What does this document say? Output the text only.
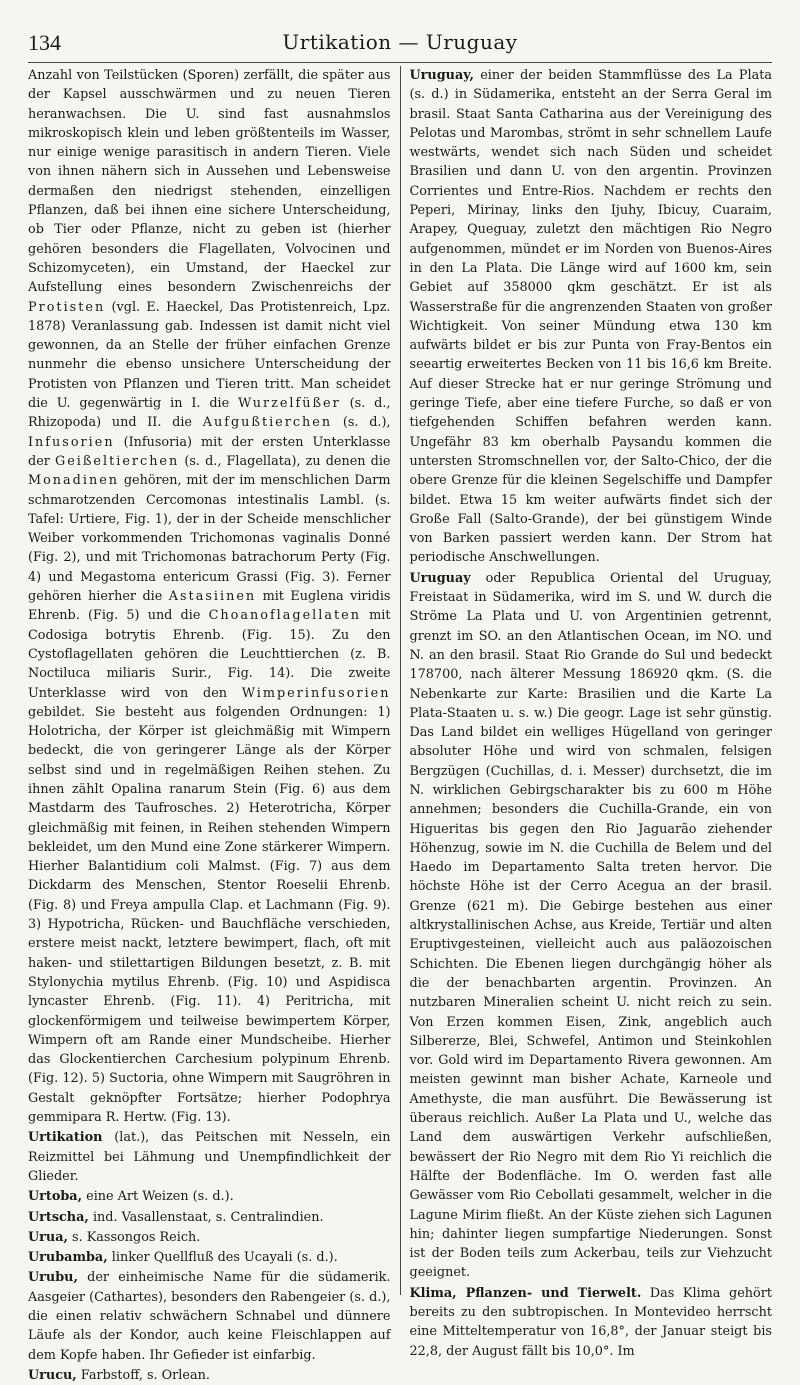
134	Urtikation — Uruguay

Anzahl von Teilstücken (Sporen) zerfällt, die später aus der Kapsel ausschwärmen und zu neuen Tieren heranwachsen. Die U. sind fast ausnahmslos mikroskopisch klein und leben größtenteils im Wasser, nur einige wenige parasitisch in andern Tieren. Viele von ihnen nähern sich in Aussehen und Lebensweise dermaßen den niedrigst stehenden, einzelligen Pflanzen, daß bei ihnen eine sichere Unterscheidung, ob Tier oder Pflanze, nicht zu geben ist (hierher gehören besonders die Flagellaten, Volvocinen und Schizomyceten), ein Umstand, der Haeckel zur Aufstellung eines besondern Zwischenreichs der Protisten (vgl. E. Haeckel, Das Protistenreich, Lpz. 1878) Veranlassung gab. Indessen ist damit nicht viel gewonnen, da an Stelle der früher einfachen Grenze nunmehr die ebenso unsichere Unterscheidung der Protisten von Pflanzen und Tieren tritt. Man scheidet die U. gegenwärtig in I. die Wurzelfüßer (s. d., Rhizopoda) und II. die Aufgußtierchen (s. d.), Infusorien (Infusoria) mit der ersten Unterklasse der Geißeltierchen (s. d., Flagellata), zu denen die Monadinen gehören, mit der im menschlichen Darm schmarotzenden Cercomonas intestinalis Lambl. (s. Tafel: Urtiere, Fig. 1), der in der Scheide menschlicher Weiber vorkommenden Trichomonas vaginalis Donné (Fig. 2), und mit Trichomonas batrachorum Perty (Fig. 4) und Megastoma entericum Grassi (Fig. 3). Ferner gehören hierher die Astasiinen mit Euglena viridis Ehrenb. (Fig. 5) und die Choanoflagellaten mit Codosiga botrytis Ehrenb. (Fig. 15). Zu den Cystoflagellaten gehören die Leuchttierchen (z. B. Noctiluca miliaris Surir., Fig. 14). Die zweite Unterklasse wird von den Wimperinfusorien gebildet. Sie besteht aus folgenden Ordnungen: 1) Holotricha, der Körper ist gleichmäßig mit Wimpern bedeckt, die von geringerer Länge als der Körper selbst sind und in regelmäßigen Reihen stehen. Zu ihnen zählt Opalina ranarum Stein (Fig. 6) aus dem Mastdarm des Taufrosches. 2) Heterotricha, Körper gleichmäßig mit feinen, in Reihen stehenden Wimpern bekleidet, um den Mund eine Zone stärkerer Wimpern. Hierher Balantidium coli Malmst. (Fig. 7) aus dem Dickdarm des Menschen, Stentor Roeselii Ehrenb. (Fig. 8) und Freya ampulla Clap. et Lachmann (Fig. 9). 3) Hypotricha, Rücken- und Bauchfläche verschieden, erstere meist nackt, letztere bewimpert, flach, oft mit haken- und stilettartigen Bildungen besetzt, z. B. mit Stylonychia mytilus Ehrenb. (Fig. 10) und Aspidisca lyncaster Ehrenb. (Fig. 11). 4) Peritricha, mit glockenförmigem und teilweise bewimpertem Körper, Wimpern oft am Rande einer Mundscheibe. Hierher das Glockentierchen Carchesium polypinum Ehrenb. (Fig. 12). 5) Suctoria, ohne Wimpern mit Saugröhren in Gestalt geknöpfter Fortsätze; hierher Podophrya gemmipara R. Hertw. (Fig. 13).

Urtikation (lat.), das Peitschen mit Nesseln, ein Reizmittel bei Lähmung und Unempfindlichkeit der Glieder.

Urtoba, eine Art Weizen (s. d.).

Urtscha, ind. Vasallenstaat, s. Centralindien.

Urua, s. Kassongos Reich.

Urubamba, linker Quellfluß des Ucayali (s. d.).

Urubu, der einheimische Name für die südamerik. Aasgeier (Cathartes), besonders den Rabengeier (s. d.), die einen relativ schwächern Schnabel und dünnere Läufe als der Kondor, auch keine Fleischlappen auf dem Kopfe haben. Ihr Gefieder ist einfarbig.

Urucu, Farbstoff, s. Orlean.

Uruguay, einer der beiden Stammflüsse des La Plata (s. d.) in Südamerika, entsteht an der Serra Geral im brasil. Staat Santa Catharina aus der Vereinigung des Pelotas und Marombas, strömt in sehr schnellem Laufe westwärts, wendet sich nach Süden und scheidet Brasilien und dann U. von den argentin. Provinzen Corrientes und Entre-Rios. Nachdem er rechts den Peperi, Mirinay, links den Ijuhy, Ibicuy, Cuaraim, Arapey, Queguay, zuletzt den mächtigen Rio Negro aufgenommen, mündet er im Norden von Buenos-Aires in den La Plata. Die Länge wird auf 1600 km, sein Gebiet auf 358000 qkm geschätzt. Er ist als Wasserstraße für die angrenzenden Staaten von großer Wichtigkeit. Von seiner Mündung etwa 130 km aufwärts bildet er bis zur Punta von Fray-Bentos ein seeartig erweitertes Becken von 11 bis 16,6 km Breite. Auf dieser Strecke hat er nur geringe Strömung und geringe Tiefe, aber eine tiefere Furche, so daß er von tiefgehenden Schiffen befahren werden kann. Ungefähr 83 km oberhalb Paysandu kommen die untersten Stromschnellen vor, der Salto-Chico, der die obere Grenze für die kleinen Segelschiffe und Dampfer bildet. Etwa 15 km weiter aufwärts findet sich der Große Fall (Salto-Grande), der bei günstigem Winde von Barken passiert werden kann. Der Strom hat periodische Anschwellungen.

Uruguay oder Republica Oriental del Uruguay, Freistaat in Südamerika, wird im S. und W. durch die Ströme La Plata und U. von Argentinien getrennt, grenzt im SO. an den Atlantischen Ocean, im NO. und N. an den brasil. Staat Rio Grande do Sul und bedeckt 178700, nach älterer Messung 186920 qkm. (S. die Nebenkarte zur Karte: Brasilien und die Karte La Plata-Staaten u. s. w.) Die geogr. Lage ist sehr günstig. Das Land bildet ein welliges Hügelland von geringer absoluter Höhe und wird von schmalen, felsigen Bergzügen (Cuchillas, d. i. Messer) durchsetzt, die im N. wirklichen Gebirgscharakter bis zu 600 m Höhe annehmen; besonders die Cuchilla-Grande, ein von Higueritas bis gegen den Rio Jaguarão ziehender Höhenzug, sowie im N. die Cuchilla de Belem und del Haedo im Departamento Salta treten hervor. Die höchste Höhe ist der Cerro Acegua an der brasil. Grenze (621 m). Die Gebirge bestehen aus einer altkrystallinischen Achse, aus Kreide, Tertiär und alten Eruptivgesteinen, vielleicht auch aus paläozoischen Schichten. Die Ebenen liegen durchgängig höher als die der benachbarten argentin. Provinzen. An nutzbaren Mineralien scheint U. nicht reich zu sein. Von Erzen kommen Eisen, Zink, angeblich auch Silbererze, Blei, Schwefel, Antimon und Steinkohlen vor. Gold wird im Departamento Rivera gewonnen. Am meisten gewinnt man bisher Achate, Karneole und Amethyste, die man ausführt. Die Bewässerung ist überaus reichlich. Außer La Plata und U., welche das Land dem auswärtigen Verkehr aufschließen, bewässert der Rio Negro mit dem Rio Yi reichlich die Hälfte der Bodenfläche. Im O. werden fast alle Gewässer vom Rio Cebollati gesammelt, welcher in die Lagune Mirim fließt. An der Küste ziehen sich Lagunen hin; dahinter liegen sumpfartige Niederungen. Sonst ist der Boden teils zum Ackerbau, teils zur Viehzucht geeignet.

Klima, Pflanzen- und Tierwelt. Das Klima gehört bereits zu den subtropischen. In Montevideo herrscht eine Mitteltemperatur von 16,8°, der Januar steigt bis 22,8, der August fällt bis 10,0°. Im
